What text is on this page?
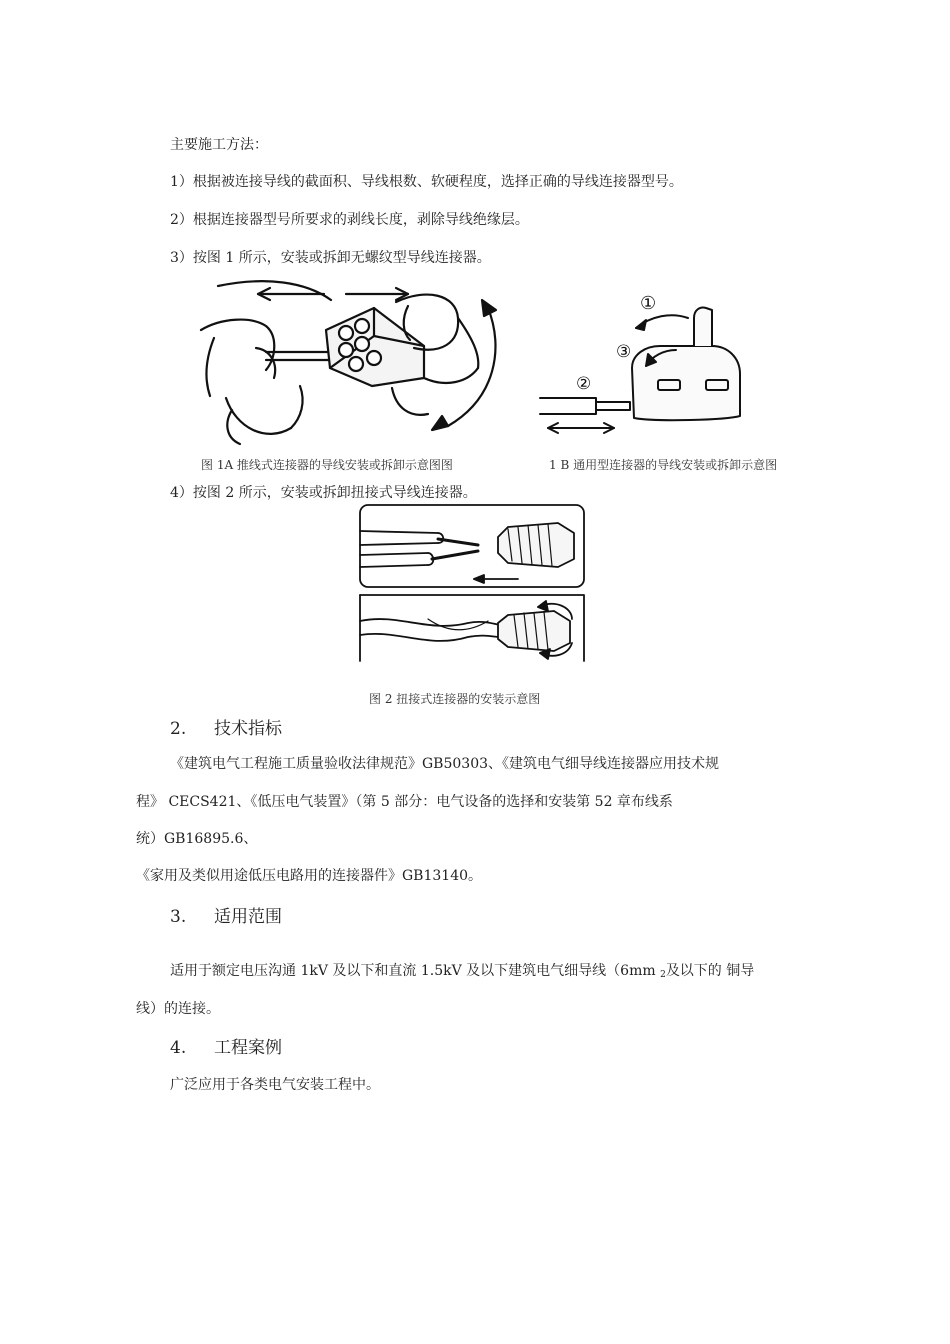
主要施工方法：
1）根据被连接导线的截面积、导线根数、软硬程度，选择正确的导线连接器型号。
2）根据连接器型号所要求的剥线长度，剥除导线绝缘层。
3）按图 1 所示，安装或拆卸无螺纹型导线连接器。
图 1A 推线式连接器的导线安装或拆卸示意图图
①
③
②
1 B 通用型连接器的导线安装或拆卸示意图
4）按图 2 所示，安装或拆卸扭接式导线连接器。
图 2 扭接式连接器的安装示意图
2. 技术指标
《建筑电气工程施工质量验收法律规范》GB50303、《建筑电气细导线连接器应用技术规
程》 CECS421、《低压电气装置》（第 5 部分：电气设备的选择和安装第 52 章布线系
统）GB16895.6、
《家用及类似用途低压电路用的连接器件》GB13140。
3. 适用范围
适用于额定电压沟通 1kV 及以下和直流 1.5kV 及以下建筑电气细导线（6mm $_2$及以下的 铜导
线）的连接。
4. 工程案例
广泛应用于各类电气安装工程中。
